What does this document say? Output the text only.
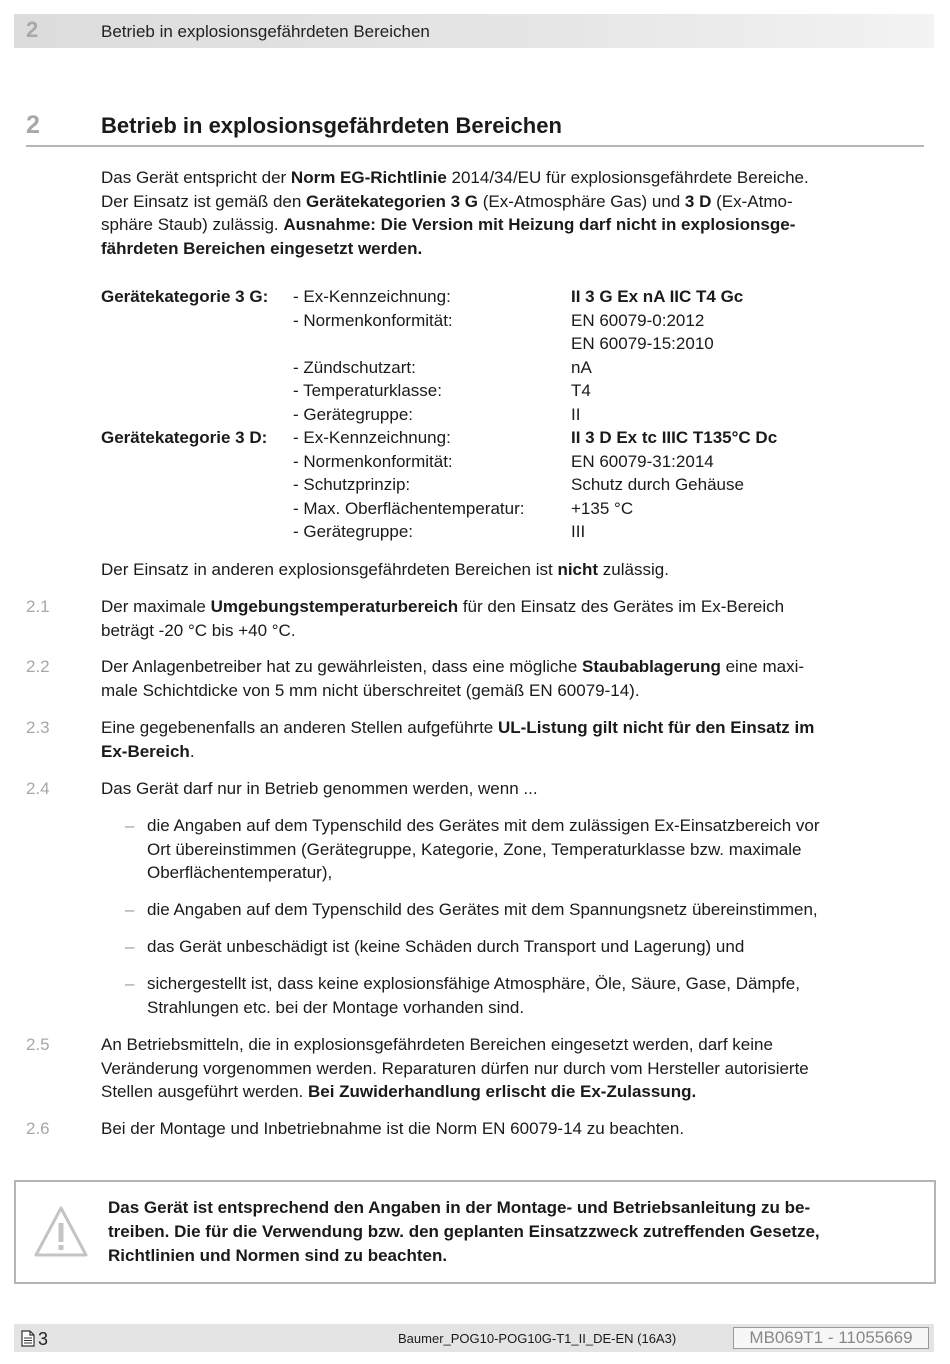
2	Betrieb in explosionsgefährdeten Bereichen
2	Betrieb in explosionsgefährdeten Bereichen
Das Gerät entspricht der Norm EG-Richtlinie 2014/34/EU für explosionsgefährdete Bereiche.
Der Einsatz ist gemäß den Gerätekategorien 3 G (Ex-Atmosphäre Gas) und 3 D (Ex-Atmo-
sphäre Staub) zulässig. Ausnahme: Die Version mit Heizung darf nicht in explosionsge-
fährdeten Bereichen eingesetzt werden.
Gerätekategorie 3 G:	- Ex-Kennzeichnung:	II 3 G Ex nA IIC T4 Gc
- Normenkonformität:	EN 60079-0:2012
EN 60079-15:2010
- Zündschutzart:	nA
- Temperaturklasse:	T4
- Gerätegruppe:	II
Gerätekategorie 3 D:	- Ex-Kennzeichnung:	II 3 D Ex tc IIIC T135°C Dc
- Normenkonformität:	EN 60079-31:2014
- Schutzprinzip:	Schutz durch Gehäuse
- Max. Oberflächentemperatur:	+135 °C
- Gerätegruppe:	III
Der Einsatz in anderen explosionsgefährdeten Bereichen ist nicht zulässig.
2.1	Der maximale Umgebungstemperaturbereich für den Einsatz des Gerätes im Ex-Bereich
beträgt -20 °C bis +40 °C.
2.2	Der Anlagenbetreiber hat zu gewährleisten, dass eine mögliche Staubablagerung eine maxi-
male Schichtdicke von 5 mm nicht überschreitet (gemäß EN 60079-14).
2.3	Eine gegebenenfalls an anderen Stellen aufgeführte UL-Listung gilt nicht für den Einsatz im
Ex-Bereich.
2.4	Das Gerät darf nur in Betrieb genommen werden, wenn ...
– die Angaben auf dem Typenschild des Gerätes mit dem zulässigen Ex-Einsatzbereich vor
Ort übereinstimmen (Gerätegruppe, Kategorie, Zone, Temperaturklasse bzw. maximale
Oberflächentemperatur),
– die Angaben auf dem Typenschild des Gerätes mit dem Spannungsnetz übereinstimmen,
– das Gerät unbeschädigt ist (keine Schäden durch Transport und Lagerung) und
– sichergestellt ist, dass keine explosionsfähige Atmosphäre, Öle, Säure, Gase, Dämpfe,
Strahlungen etc. bei der Montage vorhanden sind.
2.5	An Betriebsmitteln, die in explosionsgefährdeten Bereichen eingesetzt werden, darf keine
Veränderung vorgenommen werden. Reparaturen dürfen nur durch vom Hersteller autorisierte
Stellen ausgeführt werden. Bei Zuwiderhandlung erlischt die Ex-Zulassung.
2.6	Bei der Montage und Inbetriebnahme ist die Norm EN 60079-14 zu beachten.
Das Gerät ist entsprechend den Angaben in der Montage- und Betriebsanleitung zu be-
treiben. Die für die Verwendung bzw. den geplanten Einsatzzweck zutreffenden Gesetze,
Richtlinien und Normen sind zu beachten.
3	Baumer_POG10-POG10G-T1_II_DE-EN (16A3)	MB069T1 - 11055669
